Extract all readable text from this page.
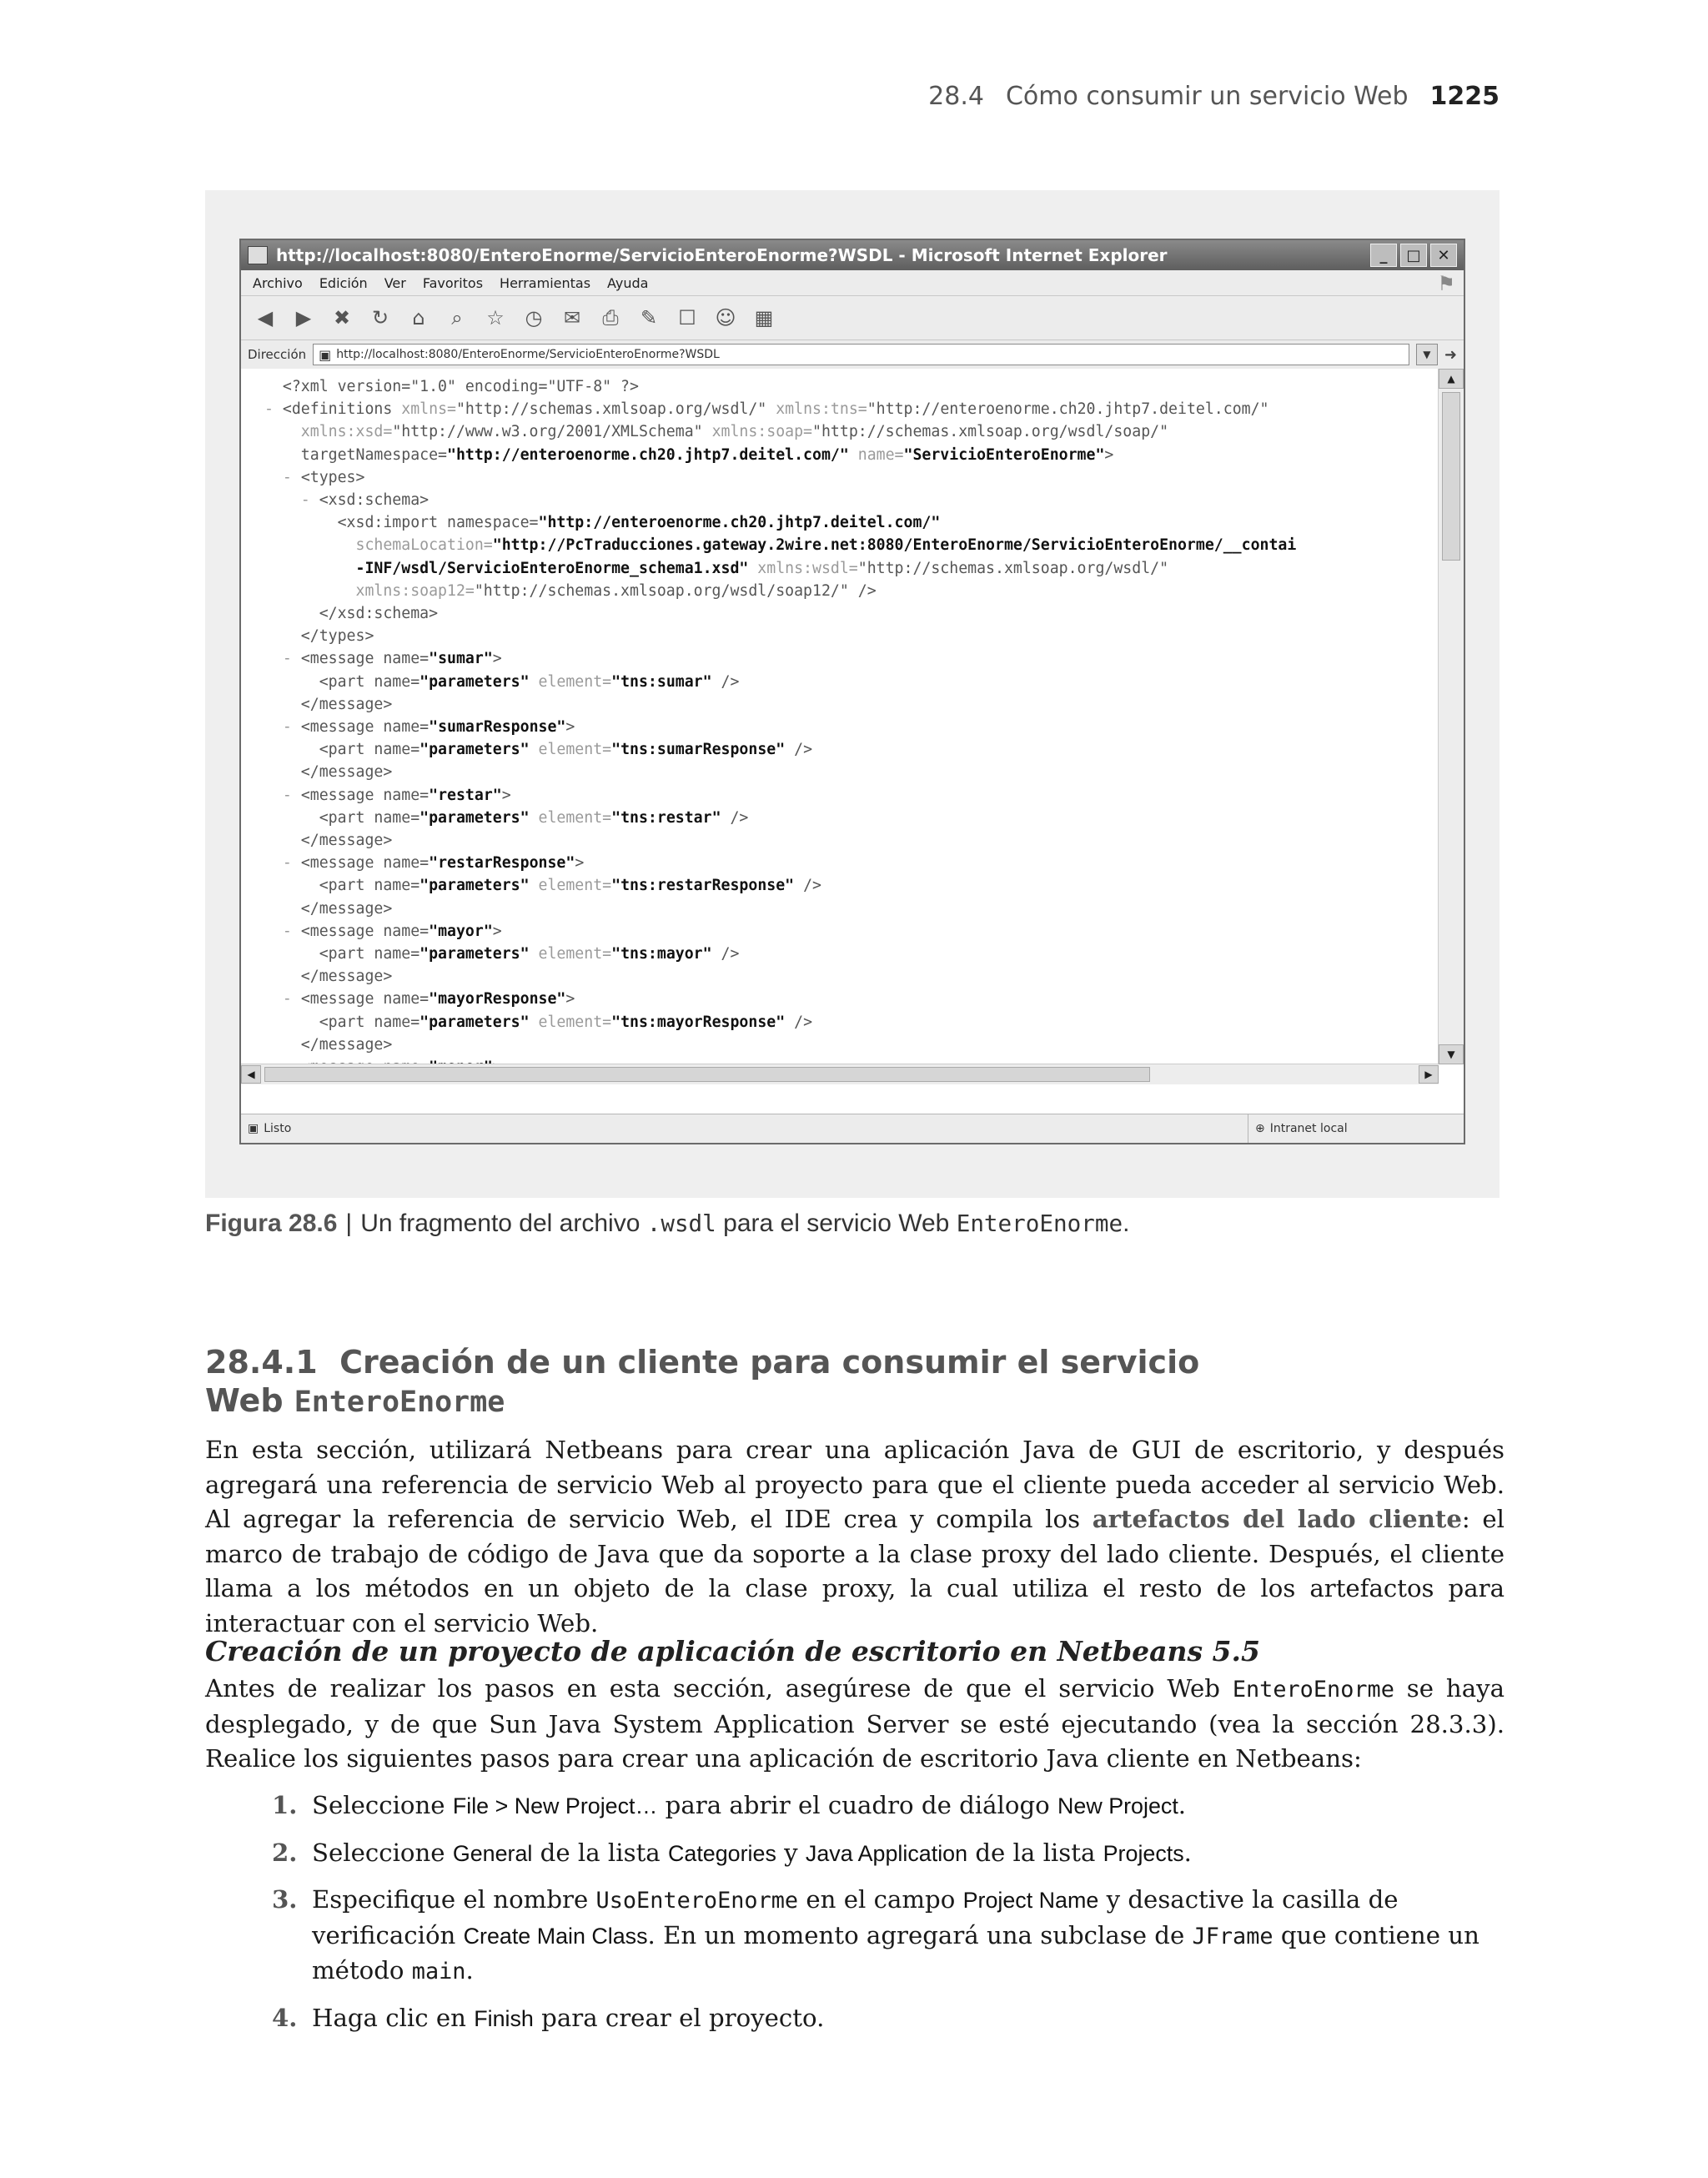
28.4 Cómo consumir un servicio Web 1225
http://localhost:8080/EnteroEnorme/ServicioEnteroEnorme?WSDL - Microsoft Internet Explorer	_	□	✕
Archivo Edición Ver Favoritos Herramientas Ayuda	⚑
◀ ▶ ✖ ↻	⌂	⌕	☆ ◷ ✉ ⎙ ✎ ☐ ☺ ▦
Dirección ▣ http://localhost:8080/EnteroEnorme/ServicioEnteroEnorme?WSDL	▼ ➜
<?xml version="1.0" encoding="UTF-8" ?>
- <definitions xmlns="http://schemas.xmlsoap.org/wsdl/" xmlns:tns="http://enteroenorme.ch20.jhtp7.deitel.com/"
xmlns:xsd="http://www.w3.org/2001/XMLSchema" xmlns:soap="http://schemas.xmlsoap.org/wsdl/soap/"
targetNamespace="http://enteroenorme.ch20.jhtp7.deitel.com/" name="ServicioEnteroEnorme">
- <types>
- <xsd:schema>
<xsd:import namespace="http://enteroenorme.ch20.jhtp7.deitel.com/"
schemaLocation="http://PcTraducciones.gateway.2wire.net:8080/EnteroEnorme/ServicioEnteroEnorme/__contai
-INF/wsdl/ServicioEnteroEnorme_schema1.xsd" xmlns:wsdl="http://schemas.xmlsoap.org/wsdl/"
xmlns:soap12="http://schemas.xmlsoap.org/wsdl/soap12/" />
</xsd:schema>
</types>
- <message name="sumar">
<part name="parameters" element="tns:sumar" />
</message>
- <message name="sumarResponse">
<part name="parameters" element="tns:sumarResponse" />
</message>
- <message name="restar">
<part name="parameters" element="tns:restar" />
</message>
- <message name="restarResponse">
<part name="parameters" element="tns:restarResponse" />
</message>
- <message name="mayor">
<part name="parameters" element="tns:mayor" />
</message>
- <message name="mayorResponse">
<part name="parameters" element="tns:mayorResponse" />
</message>
▲
▼
◀	▶
▣ Listo	⊕ Intranet local
Figura 28.6 | Un fragmento del archivo .wsdl para el servicio Web EnteroEnorme.
28.4.1 Creación de un cliente para consumir el servicio
Web EnteroEnorme

En esta sección, utilizará Netbeans para crear una aplicación Java de GUI de escritorio, y después agregará una referencia de servicio Web al proyecto para que el cliente pueda acceder al servicio Web. Al agregar la referencia de servicio Web, el IDE crea y compila los artefactos del lado cliente: el marco de trabajo de código de Java que da soporte a la clase proxy del lado cliente. Después, el cliente llama a los métodos en un objeto de la clase proxy, la cual utiliza el resto de los artefactos para interactuar con el servicio Web.

Creación de un proyecto de aplicación de escritorio en Netbeans 5.5

Antes de realizar los pasos en esta sección, asegúrese de que el servicio Web EnteroEnorme se haya desplegado, y de que Sun Java System Application Server se esté ejecutando (vea la sección 28.3.3). Realice los siguientes pasos para crear una aplicación de escritorio Java cliente en Netbeans:

1. Seleccione File > New Project… para abrir el cuadro de diálogo New Project.
2. Seleccione General de la lista Categories y Java Application de la lista Projects.
3. Especifique el nombre UsoEnteroEnorme en el campo Project Name y desactive la casilla de verificación Create Main Class. En un momento agregará una subclase de JFrame que contiene un método main.
4. Haga clic en Finish para crear el proyecto.
